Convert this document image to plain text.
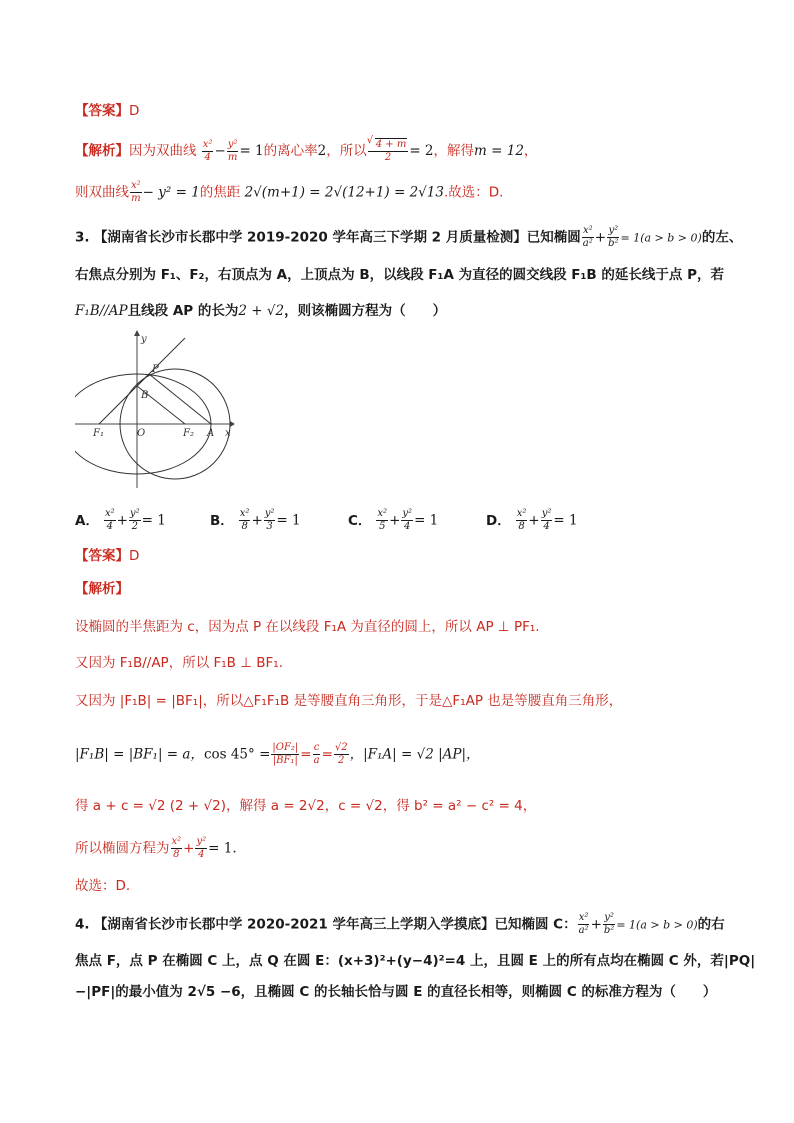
【答案】D
【解析】因为双曲线 $\frac{\text{x²}}{4} - \frac{\text{y²}}{m} = 1$的离心率2，所以
√ $\frac{4 + m}{2} = 2$，解得m = 12，
则双曲线 $\frac{\text{x²}}{m} - y^2 = 1$的焦距 2√(m+1) = 2√(12+1) = 2√13.故选：D.
3. 【湖南省长沙市长郡中学 2019-2020 学年高三下学期 2 月质量检测】已知椭圆 $\frac{\text{x²}}{\text{a²}} + \frac{\text{y²}}{\text{b²}} = 1(a > b > 0)$的左、
右焦点分别为 F₁、F₂，右顶点为 A，上顶点为 B，以线段 F₁A 为直径的圆交线段 F₁B 的延长线于点 P，若
F₁B//AP且线段 AP 的长为2 + √2，则该椭圆方程为（　　）
y
x
P
B
O
F₁	F₂ A
A． $\frac{\text{x²}}{4} + \frac{\text{y²}}{2} = 1$	B． $\frac{\text{x²}}{8} + \frac{\text{y²}}{3} = 1$	C． $\frac{\text{x²}}{5} + \frac{\text{y²}}{4} = 1$	D． $\frac{\text{x²}}{8} + \frac{\text{y²}}{4} = 1$
【答案】D
【解析】
设椭圆的半焦距为 c，因为点 P 在以线段 F₁A 为直径的圆上，所以 AP ⊥ PF₁.
又因为 F₁B//AP，所以 F₁B ⊥ BF₁.
又因为 |F₁B| = |BF₁|，所以△F₁F₁B 是等腰直角三角形，于是△F₁AP 也是等腰直角三角形，
|F₁B| = |BF₁| = a，$\cos 45^\circ = \frac{\text{|OF₂|}}{\text{|BF₁|}} = \frac{c}{a} = \frac{√2}{2}$ ，|F₁A| = √2 |AP|，
得 a + c = √2 (2 + √2)，解得 a = 2√2，c = √2，得 b² = a² − c² = 4，
所以椭圆方程为 $\frac{\text{x²}}{8} + \frac{\text{y²}}{4} = 1$.
故选：D.
4. 【湖南省长沙市长郡中学 2020-2021 学年高三上学期入学摸底】已知椭圆 C： $\frac{\text{x²}}{\text{a²}} + \frac{\text{y²}}{\text{b²}} = 1(a > b > 0)$的右
焦点 F，点 P 在椭圆 C 上，点 Q 在圆 E：(x+3)²+(y−4)²=4 上，且圆 E 上的所有点均在椭圆 C 外，若|PQ|
−|PF|的最小值为 2√5 −6，且椭圆 C 的长轴长恰与圆 E 的直径长相等，则椭圆 C 的标准方程为（　　）
